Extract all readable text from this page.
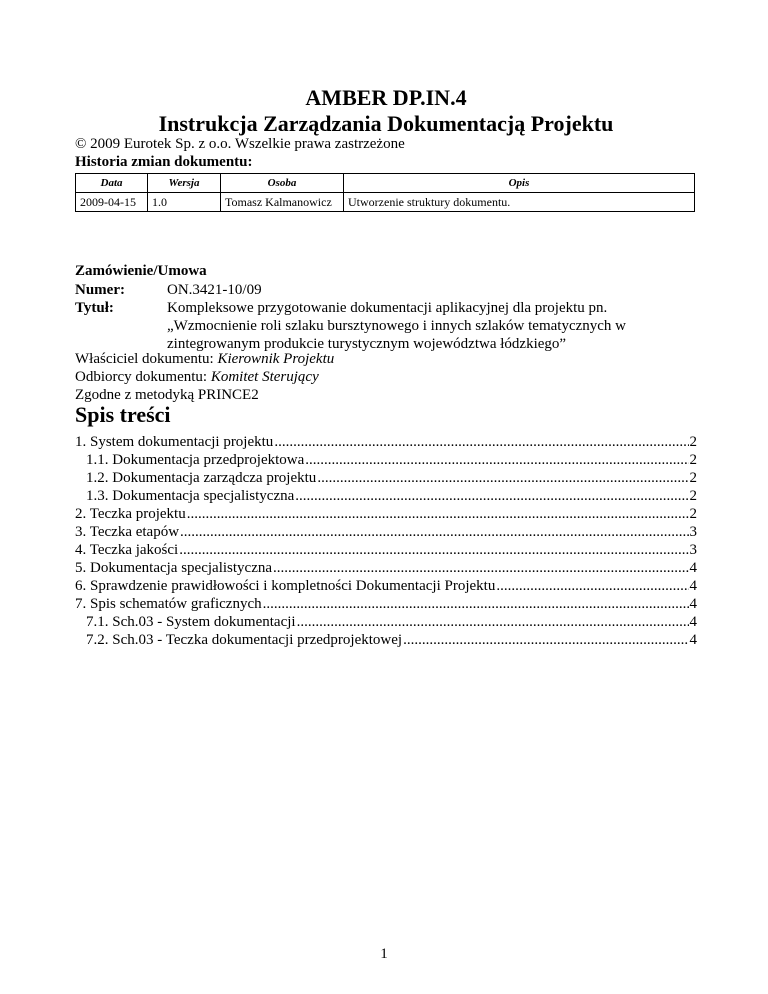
AMBER DP.IN.4
Instrukcja Zarządzania Dokumentacją Projektu
© 2009 Eurotek Sp. z o.o. Wszelkie prawa zastrzeżone
Historia zmian dokumentu:
Data	Wersja	Osoba	Opis
2009-04-15	1.0	Tomasz Kalmanowicz	Utworzenie struktury dokumentu.
Zamówienie/Umowa
Numer:	ON.3421-10/09
Tytuł:	Kompleksowe przygotowanie dokumentacji aplikacyjnej dla projektu pn.
„Wzmocnienie roli szlaku bursztynowego i innych szlaków tematycznych w
zintegrowanym produkcie turystycznym województwa łódzkiego”
Właściciel dokumentu: Kierownik Projektu
Odbiorcy dokumentu: Komitet Sterujący
Zgodne z metodyką PRINCE2
Spis treści
1. System dokumentacji projektu .....	2
1.1. Dokumentacja przedprojektowa .....	2
1.2. Dokumentacja zarządcza projektu .....	2
1.3. Dokumentacja specjalistyczna .....	2
2. Teczka projektu .....	2
3. Teczka etapów .....	3
4. Teczka jakości .....	3
5. Dokumentacja specjalistyczna .....	4
6. Sprawdzenie prawidłowości i kompletności Dokumentacji Projektu .....	4
7. Spis schematów graficznych .....	4
7.1. Sch.03 - System dokumentacji .....	4
7.2. Sch.03 - Teczka dokumentacji przedprojektowej .....	4
1
